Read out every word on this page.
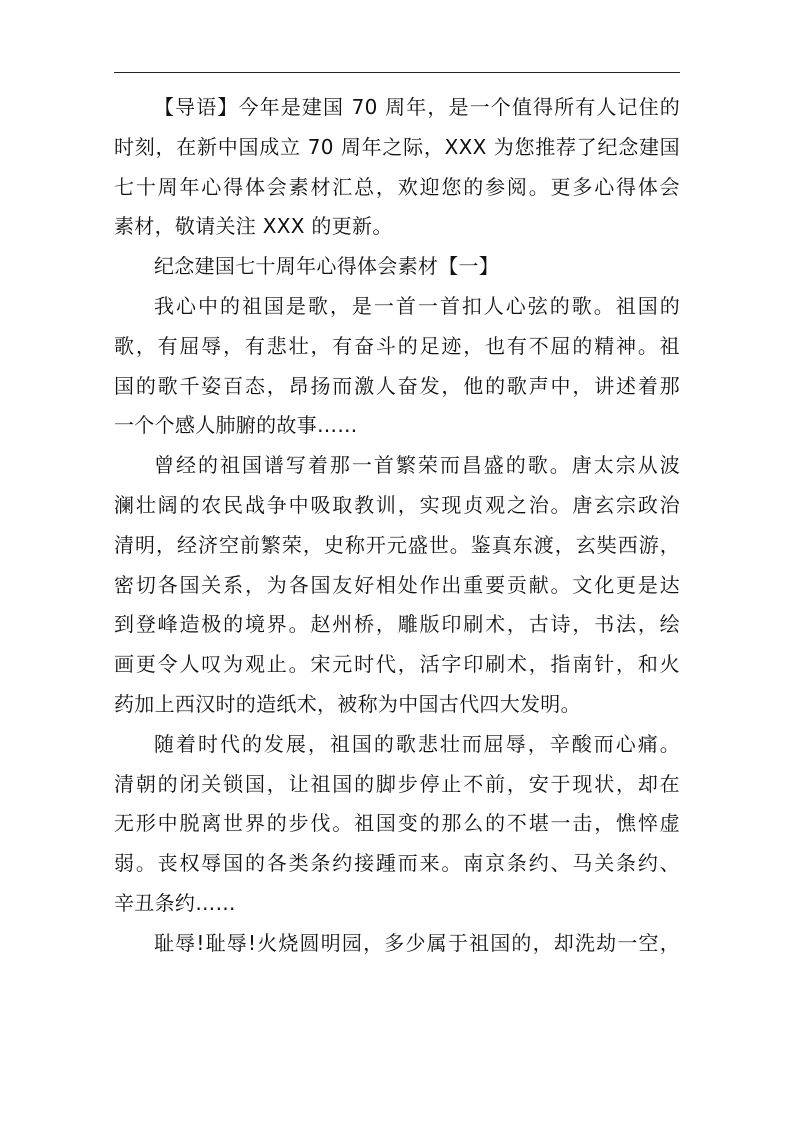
【导语】今年是建国 70 周年，是一个值得所有人记住的
时刻，在新中国成立 70 周年之际，XXX 为您推荐了纪念建国
七十周年心得体会素材汇总，欢迎您的参阅。更多心得体会
素材，敬请关注 XXX 的更新。
纪念建国七十周年心得体会素材【一】
我心中的祖国是歌，是一首一首扣人心弦的歌。祖国的
歌，有屈辱，有悲壮，有奋斗的足迹，也有不屈的精神。祖
国的歌千姿百态，昂扬而激人奋发，他的歌声中，讲述着那
一个个感人肺腑的故事……
曾经的祖国谱写着那一首繁荣而昌盛的歌。唐太宗从波
澜壮阔的农民战争中吸取教训，实现贞观之治。唐玄宗政治
清明，经济空前繁荣，史称开元盛世。鉴真东渡，玄奘西游，
密切各国关系，为各国友好相处作出重要贡献。文化更是达
到登峰造极的境界。赵州桥，雕版印刷术，古诗，书法，绘
画更令人叹为观止。宋元时代，活字印刷术，指南针，和火
药加上西汉时的造纸术，被称为中国古代四大发明。
随着时代的发展，祖国的歌悲壮而屈辱，辛酸而心痛。
清朝的闭关锁国，让祖国的脚步停止不前，安于现状，却在
无形中脱离世界的步伐。祖国变的那么的不堪一击，憔悴虚
弱。丧权辱国的各类条约接踵而来。南京条约、马关条约、
辛丑条约……
耻辱!耻辱!火烧圆明园，多少属于祖国的，却洗劫一空，
